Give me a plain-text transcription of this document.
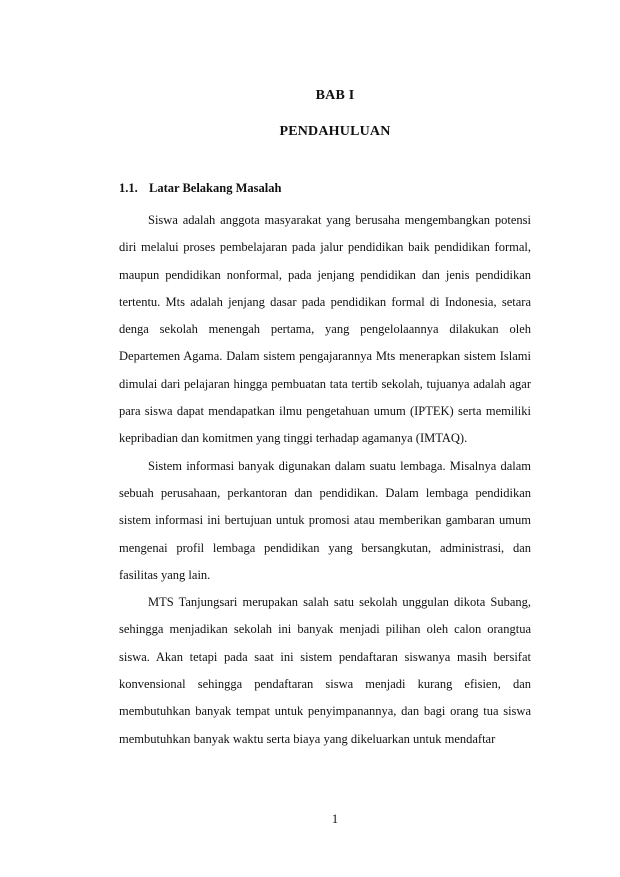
BAB I
PENDAHULUAN
1.1. Latar Belakang Masalah

Siswa adalah anggota masyarakat yang berusaha mengembangkan potensi diri melalui proses pembelajaran pada jalur pendidikan baik pendidikan formal, maupun pendidikan nonformal, pada jenjang pendidikan dan jenis pendidikan tertentu. Mts adalah jenjang dasar pada pendidikan formal di Indonesia, setara denga sekolah menengah pertama, yang pengelolaannya dilakukan oleh Departemen Agama. Dalam sistem pengajarannya Mts menerapkan sistem Islami dimulai dari pelajaran hingga pembuatan tata tertib sekolah, tujuanya adalah agar para siswa dapat mendapatkan ilmu pengetahuan umum (IPTEK) serta memiliki kepribadian dan komitmen yang tinggi terhadap agamanya (IMTAQ).

Sistem informasi banyak digunakan dalam suatu lembaga. Misalnya dalam sebuah perusahaan, perkantoran dan pendidikan. Dalam lembaga pendidikan sistem informasi ini bertujuan untuk promosi atau memberikan gambaran umum mengenai profil lembaga pendidikan yang bersangkutan, administrasi, dan fasilitas yang lain.

MTS Tanjungsari merupakan salah satu sekolah unggulan dikota Subang, sehingga menjadikan sekolah ini banyak menjadi pilihan oleh calon orangtua siswa. Akan tetapi pada saat ini sistem pendaftaran siswanya masih bersifat konvensional sehingga pendaftaran siswa menjadi kurang efisien, dan membutuhkan banyak tempat untuk penyimpanannya, dan bagi orang tua siswa membutuhkan banyak waktu serta biaya yang dikeluarkan untuk mendaftar

1
